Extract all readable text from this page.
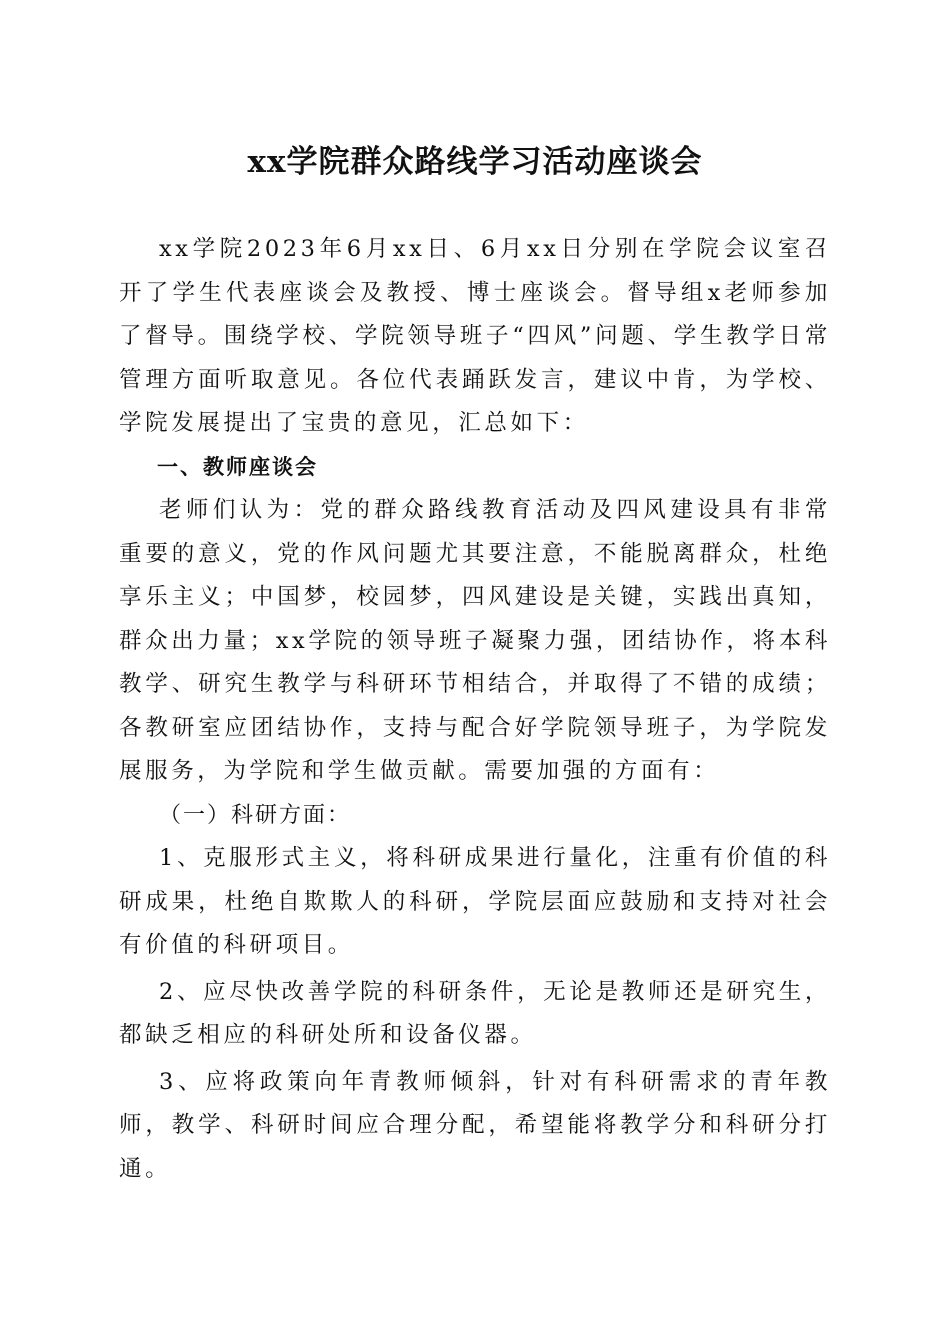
xx学院群众路线学习活动座谈会

xx学院2023年6月xx日、6月xx日分别在学院会议室召开了学生代表座谈会及教授、博士座谈会。督导组x老师参加了督导。围绕学校、学院领导班子“四风”问题、学生教学日常管理方面听取意见。各位代表踊跃发言，建议中肯，为学校、学院发展提出了宝贵的意见，汇总如下：

一、教师座谈会

老师们认为：党的群众路线教育活动及四风建设具有非常重要的意义，党的作风问题尤其要注意，不能脱离群众，杜绝享乐主义；中国梦，校园梦，四风建设是关键，实践出真知，群众出力量；xx学院的领导班子凝聚力强，团结协作，将本科教学、研究生教学与科研环节相结合，并取得了不错的成绩；各教研室应团结协作，支持与配合好学院领导班子，为学院发展服务，为学院和学生做贡献。需要加强的方面有：

（一）科研方面：

1、克服形式主义，将科研成果进行量化，注重有价值的科研成果，杜绝自欺欺人的科研，学院层面应鼓励和支持对社会有价值的科研项目。

2、应尽快改善学院的科研条件，无论是教师还是研究生，都缺乏相应的科研处所和设备仪器。

3、应将政策向年青教师倾斜，针对有科研需求的青年教师，教学、科研时间应合理分配，希望能将教学分和科研分打通。
